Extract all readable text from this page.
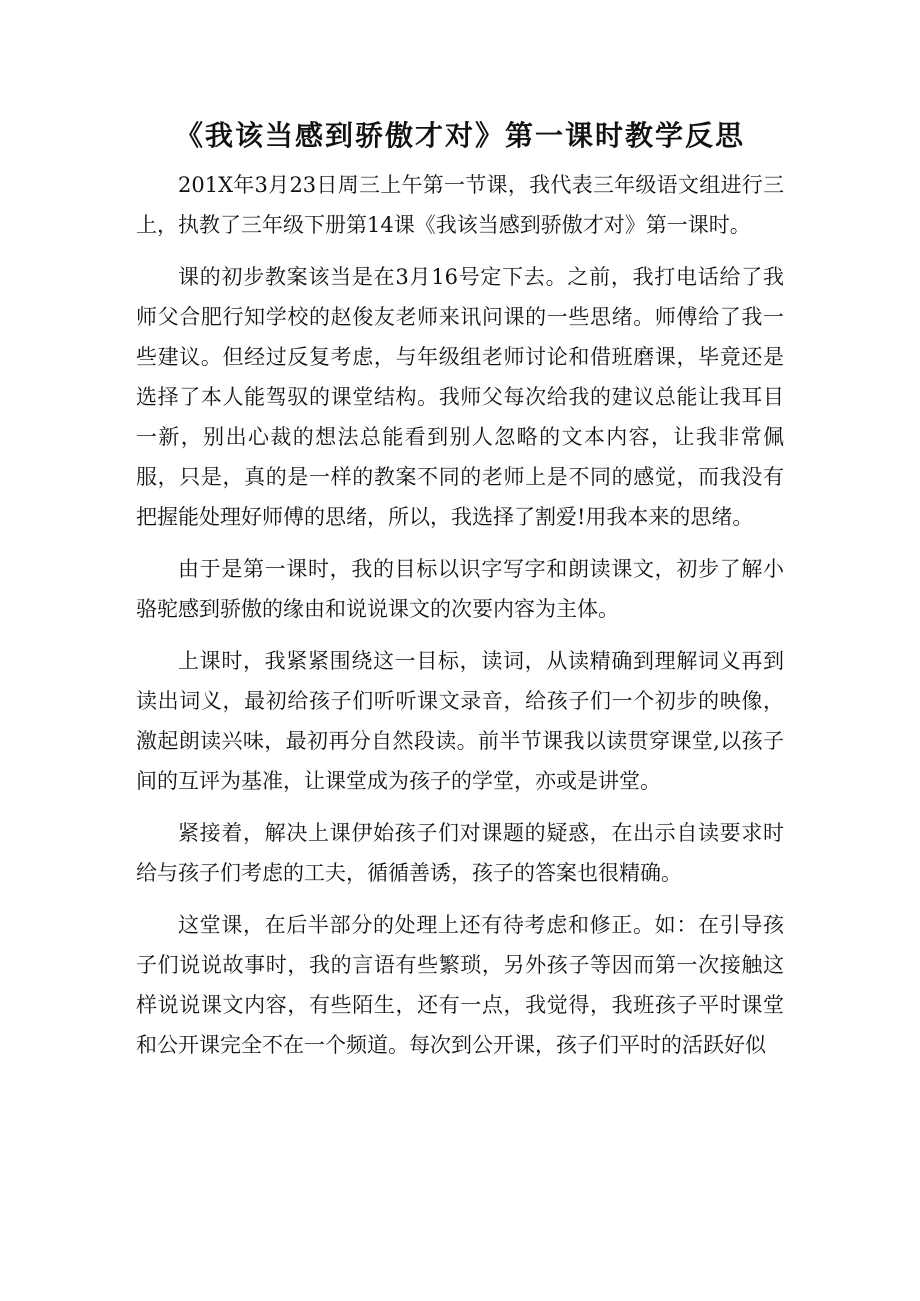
《我该当感到骄傲才对》第一课时教学反思

201X年3月23日周三上午第一节课，我代表三年级语文组进行三上，执教了三年级下册第14课《我该当感到骄傲才对》第一课时。

课的初步教案该当是在3月16号定下去。之前，我打电话给了我师父合肥行知学校的赵俊友老师来讯问课的一些思绪。师傅给了我一些建议。但经过反复考虑，与年级组老师讨论和借班磨课，毕竟还是选择了本人能驾驭的课堂结构。我师父每次给我的建议总能让我耳目一新，别出心裁的想法总能看到别人忽略的文本内容，让我非常佩服，只是，真的是一样的教案不同的老师上是不同的感觉，而我没有把握能处理好师傅的思绪，所以，我选择了割爱!用我本来的思绪。

由于是第一课时，我的目标以识字写字和朗读课文，初步了解小骆驼感到骄傲的缘由和说说课文的次要内容为主体。

上课时，我紧紧围绕这一目标，读词，从读精确到理解词义再到读出词义，最初给孩子们听听课文录音，给孩子们一个初步的映像，激起朗读兴味，最初再分自然段读。前半节课我以读贯穿课堂,以孩子间的互评为基准，让课堂成为孩子的学堂，亦或是讲堂。

紧接着，解决上课伊始孩子们对课题的疑惑，在出示自读要求时给与孩子们考虑的工夫，循循善诱，孩子的答案也很精确。

这堂课，在后半部分的处理上还有待考虑和修正。如：在引导孩子们说说故事时，我的言语有些繁琐，另外孩子等因而第一次接触这样说说课文内容，有些陌生，还有一点，我觉得，我班孩子平时课堂和公开课完全不在一个频道。每次到公开课，孩子们平时的活跃好似
